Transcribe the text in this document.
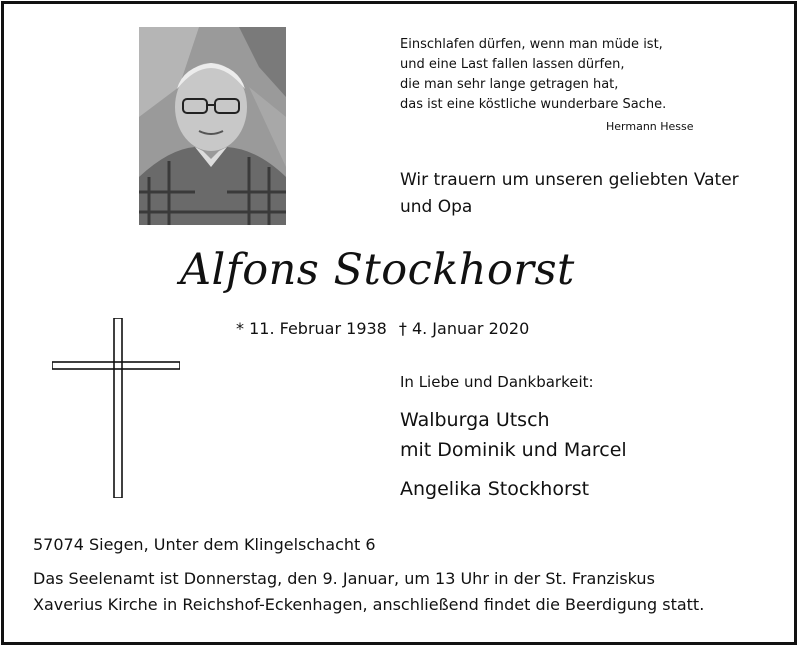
Einschlafen dürfen, wenn man müde ist,
und eine Last fallen lassen dürfen,
die man sehr lange getragen hat,
das ist eine köstliche wunderbare Sache.
Hermann Hesse
Wir trauern um unseren geliebten Vater
und Opa
Alfons Stockhorst
* 11. Februar 1938 † 4. Januar 2020
In Liebe und Dankbarkeit:
Walburga Utsch
mit Dominik und Marcel
Angelika Stockhorst
57074 Siegen, Unter dem Klingelschacht 6
Das Seelenamt ist Donnerstag, den 9. Januar, um 13 Uhr in der St. Franziskus
Xaverius Kirche in Reichshof-Eckenhagen, anschließend findet die Beerdigung statt.
